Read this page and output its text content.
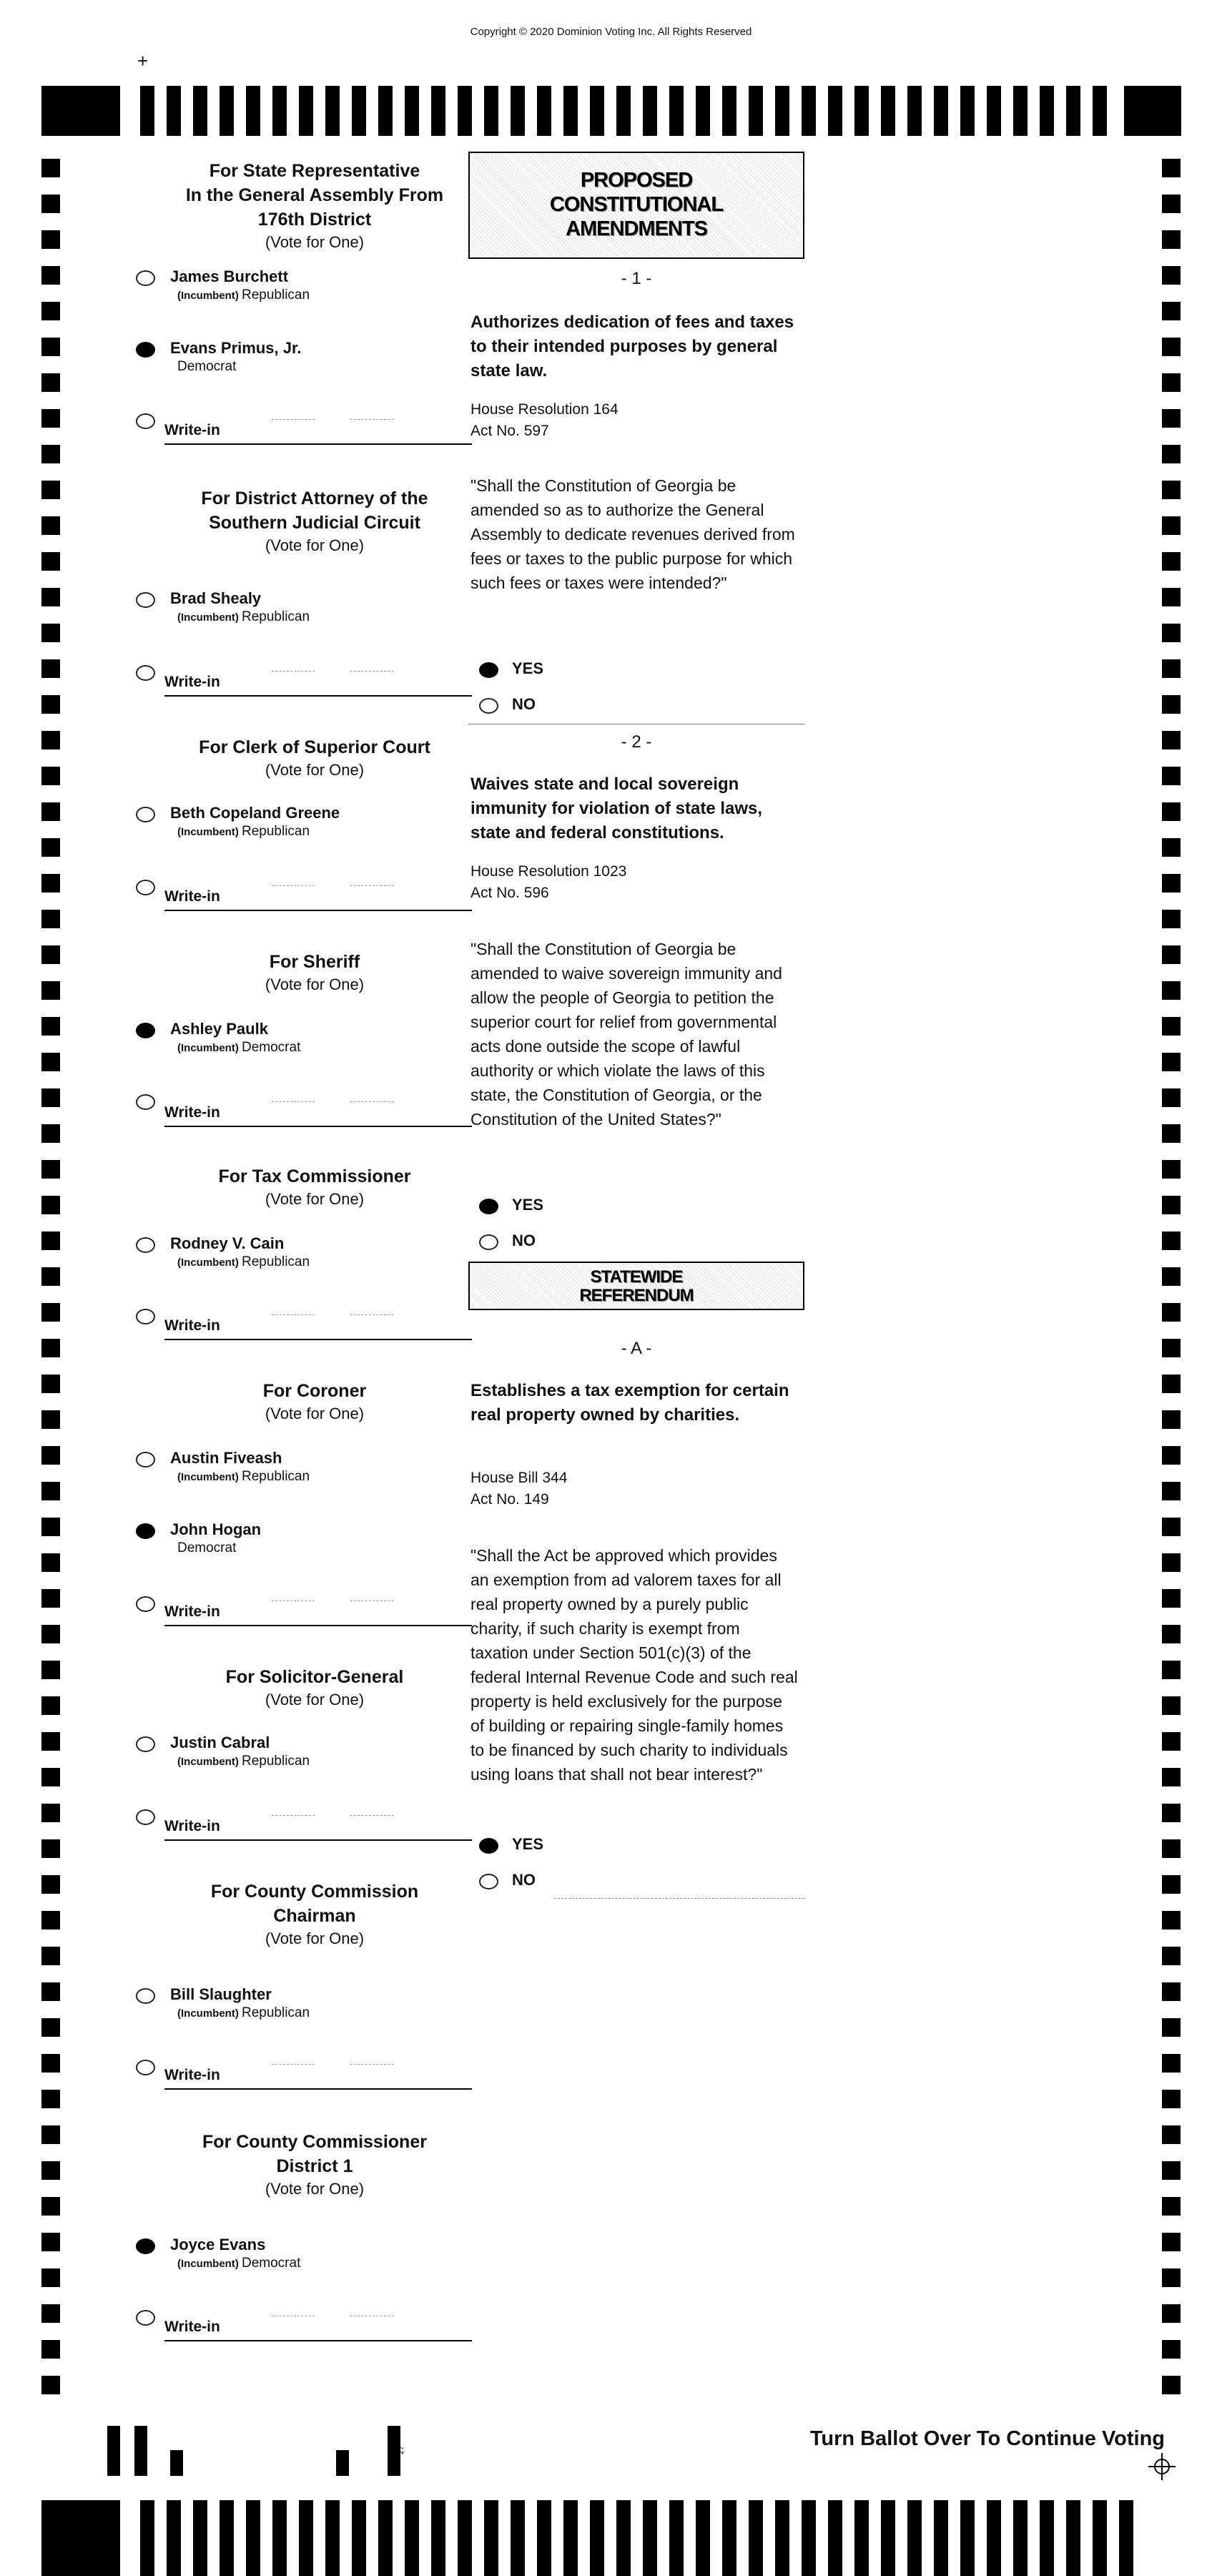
Copyright © 2020 Dominion Voting Inc. All Rights Reserved
+
For State Representative
In the General Assembly From
176th District
(Vote for One)
James Burchett
(Incumbent) Republican
Evans Primus, Jr.
Democrat
Write-in
For District Attorney of the
Southern Judicial Circuit
(Vote for One)
Brad Shealy
(Incumbent) Republican
Write-in
For Clerk of Superior Court
(Vote for One)
Beth Copeland Greene
(Incumbent) Republican
Write-in
For Sheriff
(Vote for One)
Ashley Paulk
(Incumbent) Democrat
Write-in
For Tax Commissioner
(Vote for One)
Rodney V. Cain
(Incumbent) Republican
Write-in
For Coroner
(Vote for One)
Austin Fiveash
(Incumbent) Republican
John Hogan
Democrat
Write-in
For Solicitor-General
(Vote for One)
Justin Cabral
(Incumbent) Republican
Write-in
For County Commission
Chairman
(Vote for One)
Bill Slaughter
(Incumbent) Republican
Write-in
For County Commissioner
District 1
(Vote for One)
Joyce Evans
(Incumbent) Democrat
Write-in
PROPOSED
CONSTITUTIONAL
AMENDMENTS
- 1 -
Authorizes dedication of fees and taxes to their intended purposes by general state law.
House Resolution 164
Act No. 597
"Shall the Constitution of Georgia be amended so as to authorize the General Assembly to dedicate revenues derived from fees or taxes to the public purpose for which such fees or taxes were intended?"
YES
NO
- 2 -
Waives state and local sovereign immunity for violation of state laws, state and federal constitutions.
House Resolution 1023
Act No. 596
"Shall the Constitution of Georgia be amended to waive sovereign immunity and allow the people of Georgia to petition the superior court for relief from governmental acts done outside the scope of lawful authority or which violate the laws of this state, the Constitution of Georgia, or the Constitution of the United States?"
YES
NO
STATEWIDE
REFERENDUM
- A -
Establishes a tax exemption for certain real property owned by charities.
House Bill 344
Act No. 149
"Shall the Act be approved which provides an exemption from ad valorem taxes for all real property owned by a purely public charity, if such charity is exempt from taxation under Section 501(c)(3) of the federal Internal Revenue Code and such real property is held exclusively for the purpose of building or repairing single-family homes to be financed by such charity to individuals using loans that shall not bear interest?"
YES
NO
Turn Ballot Over To Continue Voting
27
